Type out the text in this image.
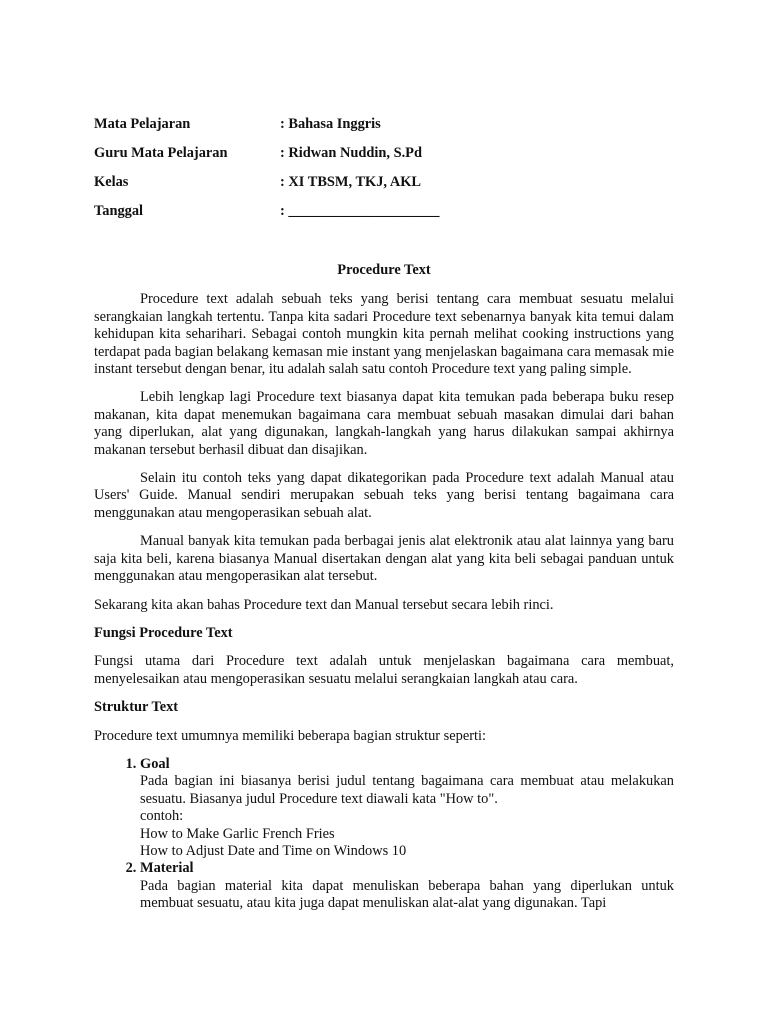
Mata Pelajaran	: Bahasa Inggris
Guru Mata Pelajaran	: Ridwan Nuddin, S.Pd
Kelas	: XI TBSM, TKJ, AKL
Tanggal	: _____________________
Procedure Text

Procedure text adalah sebuah teks yang berisi tentang cara membuat sesuatu melalui serangkaian langkah tertentu. Tanpa kita sadari Procedure text sebenarnya banyak kita temui dalam kehidupan kita seharihari. Sebagai contoh mungkin kita pernah melihat cooking instructions yang terdapat pada bagian belakang kemasan mie instant yang menjelaskan bagaimana cara memasak mie instant tersebut dengan benar, itu adalah salah satu contoh Procedure text yang paling simple.

Lebih lengkap lagi Procedure text biasanya dapat kita temukan pada beberapa buku resep makanan, kita dapat menemukan bagaimana cara membuat sebuah masakan dimulai dari bahan yang diperlukan, alat yang digunakan, langkah-langkah yang harus dilakukan sampai akhirnya makanan tersebut berhasil dibuat dan disajikan.

Selain itu contoh teks yang dapat dikategorikan pada Procedure text adalah Manual atau Users' Guide. Manual sendiri merupakan sebuah teks yang berisi tentang bagaimana cara menggunakan atau mengoperasikan sebuah alat.

Manual banyak kita temukan pada berbagai jenis alat elektronik atau alat lainnya yang baru saja kita beli, karena biasanya Manual disertakan dengan alat yang kita beli sebagai panduan untuk menggunakan atau mengoperasikan alat tersebut.

Sekarang kita akan bahas Procedure text dan Manual tersebut secara lebih rinci.

Fungsi Procedure Text

Fungsi utama dari Procedure text adalah untuk menjelaskan bagaimana cara membuat, menyelesaikan atau mengoperasikan sesuatu melalui serangkaian langkah atau cara.

Struktur Text

Procedure text umumnya memiliki beberapa bagian struktur seperti:

1. Goal
Pada bagian ini biasanya berisi judul tentang bagaimana cara membuat atau melakukan sesuatu. Biasanya judul Procedure text diawali kata "How to".
contoh:
How to Make Garlic French Fries
How to Adjust Date and Time on Windows 10
2. Material
Pada bagian material kita dapat menuliskan beberapa bahan yang diperlukan untuk membuat sesuatu, atau kita juga dapat menuliskan alat-alat yang digunakan. Tapi
